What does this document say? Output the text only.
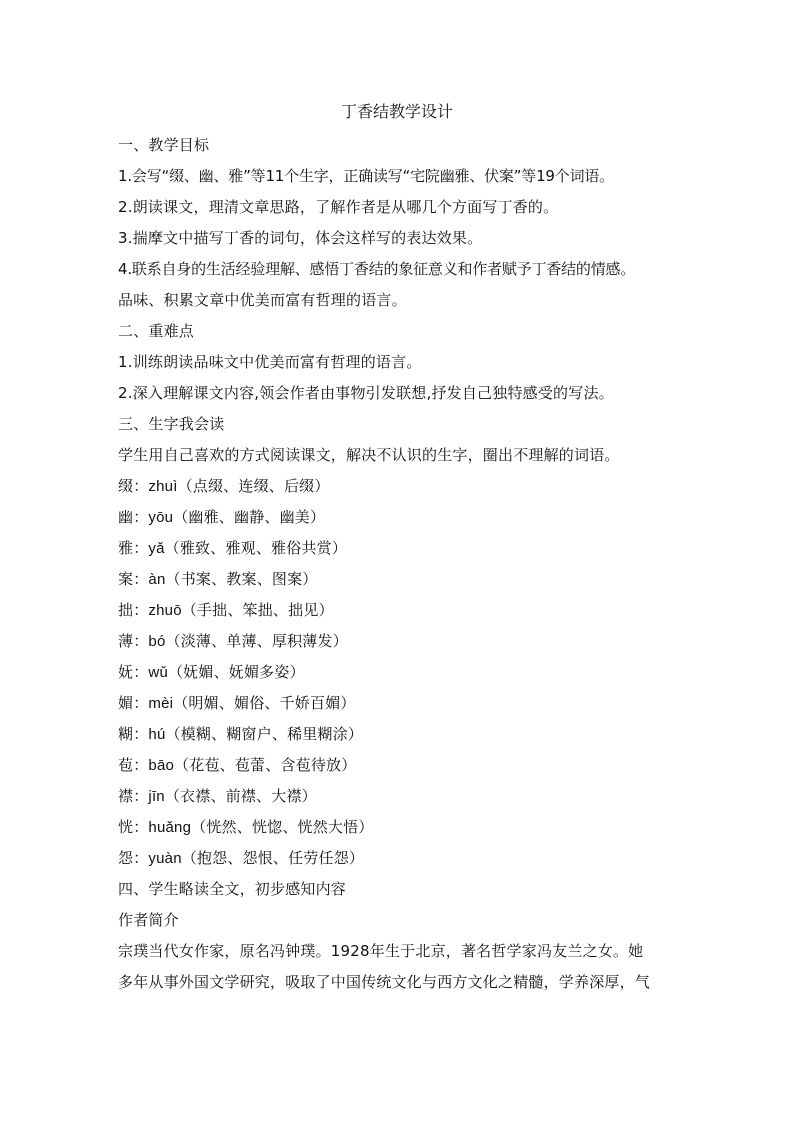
丁香结教学设计
一、教学目标
1.会写“缀、幽、雅”等11个生字，正确读写“宅院幽雅、伏案”等19个词语。
2.朗读课文，理清文章思路，了解作者是从哪几个方面写丁香的。
3.揣摩文中描写丁香的词句，体会这样写的表达效果。
4.联系自身的生活经验理解、感悟丁香结的象征意义和作者赋予丁香结的情感。
品味、积累文章中优美而富有哲理的语言。
二、重难点
1.训练朗读品味文中优美而富有哲理的语言。
2.深入理解课文内容,领会作者由事物引发联想,抒发自己独特感受的写法。
三、生字我会读
学生用自己喜欢的方式阅读课文，解决不认识的生字，圈出不理解的词语。
缀：zhuì（点缀、连缀、后缀）
幽：yōu（幽雅、幽静、幽美）
雅：yǎ（雅致、雅观、雅俗共赏）
案：àn（书案、教案、图案）
拙：zhuō（手拙、笨拙、拙见）
薄：bó（淡薄、单薄、厚积薄发）
妩：wǔ（妩媚、妩媚多姿）
媚：mèi（明媚、媚俗、千娇百媚）
糊：hú（模糊、糊窗户、稀里糊涂）
苞：bāo（花苞、苞蕾、含苞待放）
襟：jīn（衣襟、前襟、大襟）
恍：huǎng（恍然、恍惚、恍然大悟）
怨：yuàn（抱怨、怨恨、任劳任怨）
四、学生略读全文，初步感知内容
作者简介
宗璞当代女作家，原名冯钟璞。1928年生于北京，著名哲学家冯友兰之女。她
多年从事外国文学研究，吸取了中国传统文化与西方文化之精髓，学养深厚，气
